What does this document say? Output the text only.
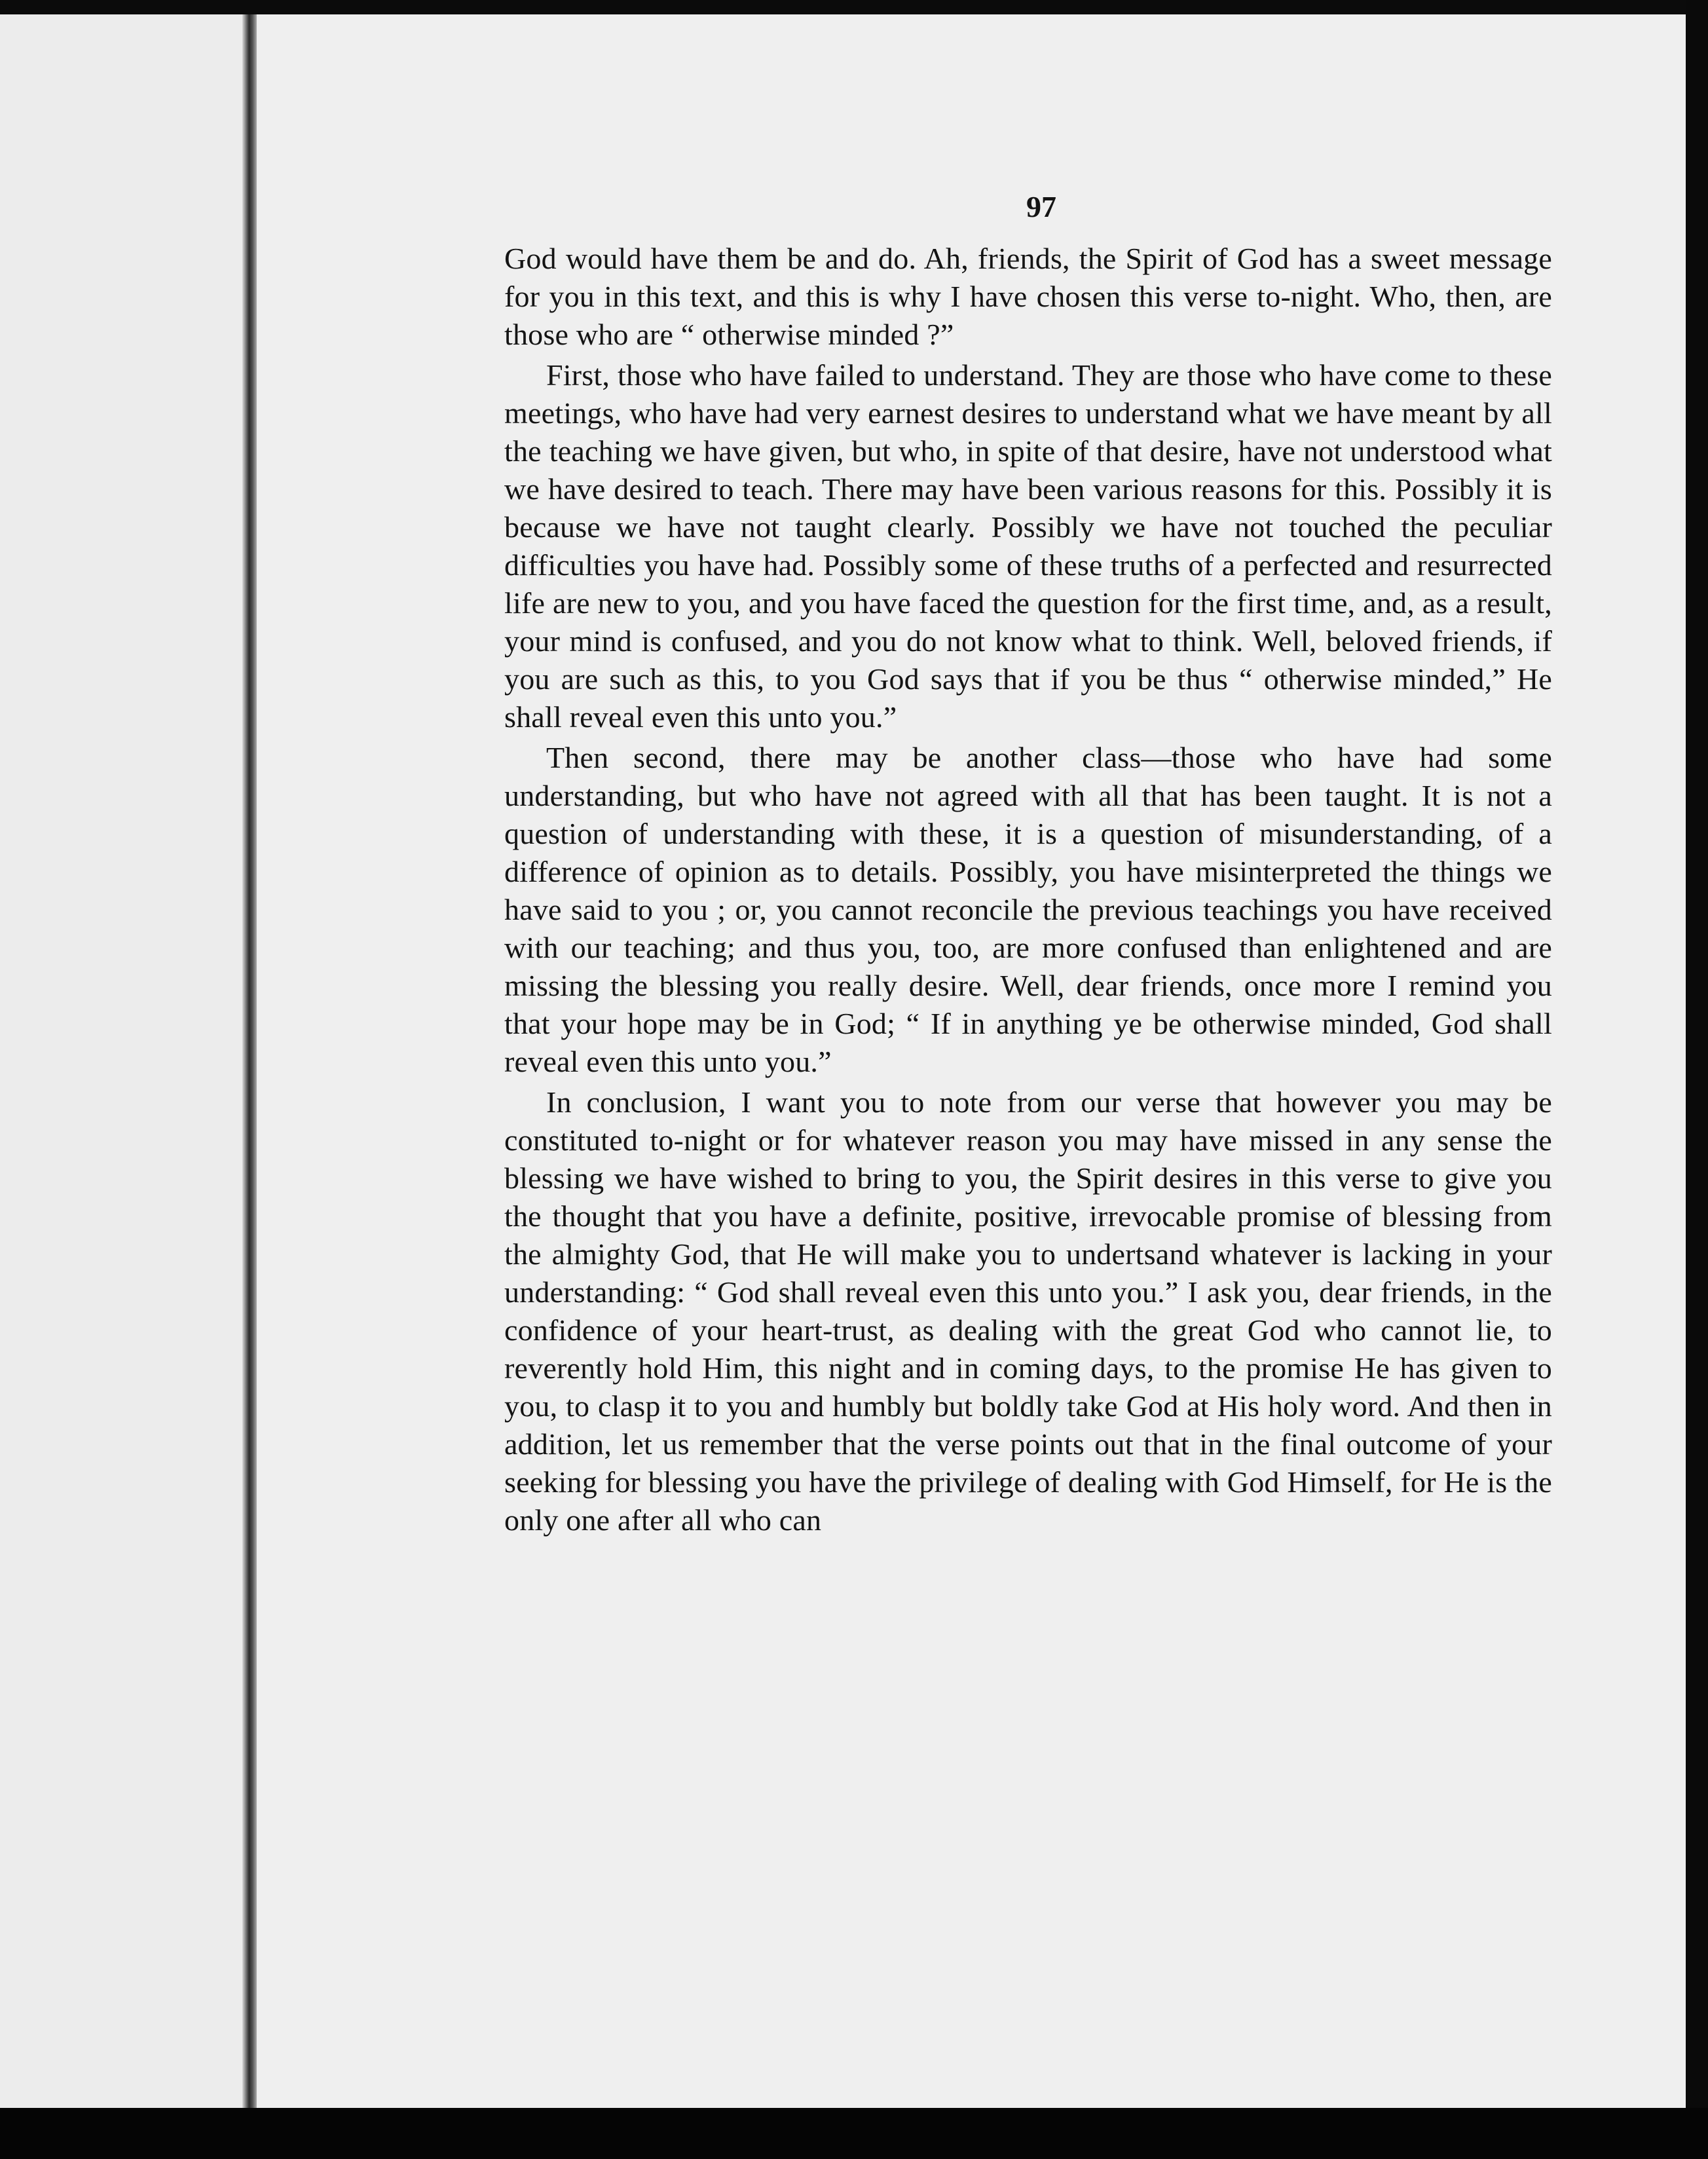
97

God would have them be and do. Ah, friends, the Spirit of God has a sweet message for you in this text, and this is why I have chosen this verse to-night. Who, then, are those who are “ otherwise minded ?”

First, those who have failed to understand. They are those who have come to these meetings, who have had very earnest desires to understand what we have meant by all the teaching we have given, but who, in spite of that desire, have not understood what we have desired to teach. There may have been various reasons for this. Possibly it is because we have not taught clearly. Possibly we have not touched the peculiar difficulties you have had. Possibly some of these truths of a perfected and resurrected life are new to you, and you have faced the question for the first time, and, as a result, your mind is confused, and you do not know what to think. Well, beloved friends, if you are such as this, to you God says that if you be thus “ otherwise minded,” He shall reveal even this unto you.”

Then second, there may be another class—those who have had some understanding, but who have not agreed with all that has been taught. It is not a question of understanding with these, it is a question of misunderstanding, of a difference of opinion as to details. Possibly, you have misinterpreted the things we have said to you ; or, you cannot reconcile the previous teachings you have received with our teaching; and thus you, too, are more confused than enlightened and are missing the blessing you really desire. Well, dear friends, once more I remind you that your hope may be in God; “ If in anything ye be otherwise minded, God shall reveal even this unto you.”

In conclusion, I want you to note from our verse that however you may be constituted to-night or for whatever reason you may have missed in any sense the blessing we have wished to bring to you, the Spirit desires in this verse to give you the thought that you have a definite, positive, irrevocable promise of blessing from the almighty God, that He will make you to undertsand whatever is lacking in your understanding: “ God shall reveal even this unto you.” I ask you, dear friends, in the confidence of your heart-trust, as dealing with the great God who cannot lie, to reverently hold Him, this night and in coming days, to the promise He has given to you, to clasp it to you and humbly but boldly take God at His holy word. And then in addition, let us remember that the verse points out that in the final outcome of your seeking for blessing you have the privilege of dealing with God Himself, for He is the only one after all who can
